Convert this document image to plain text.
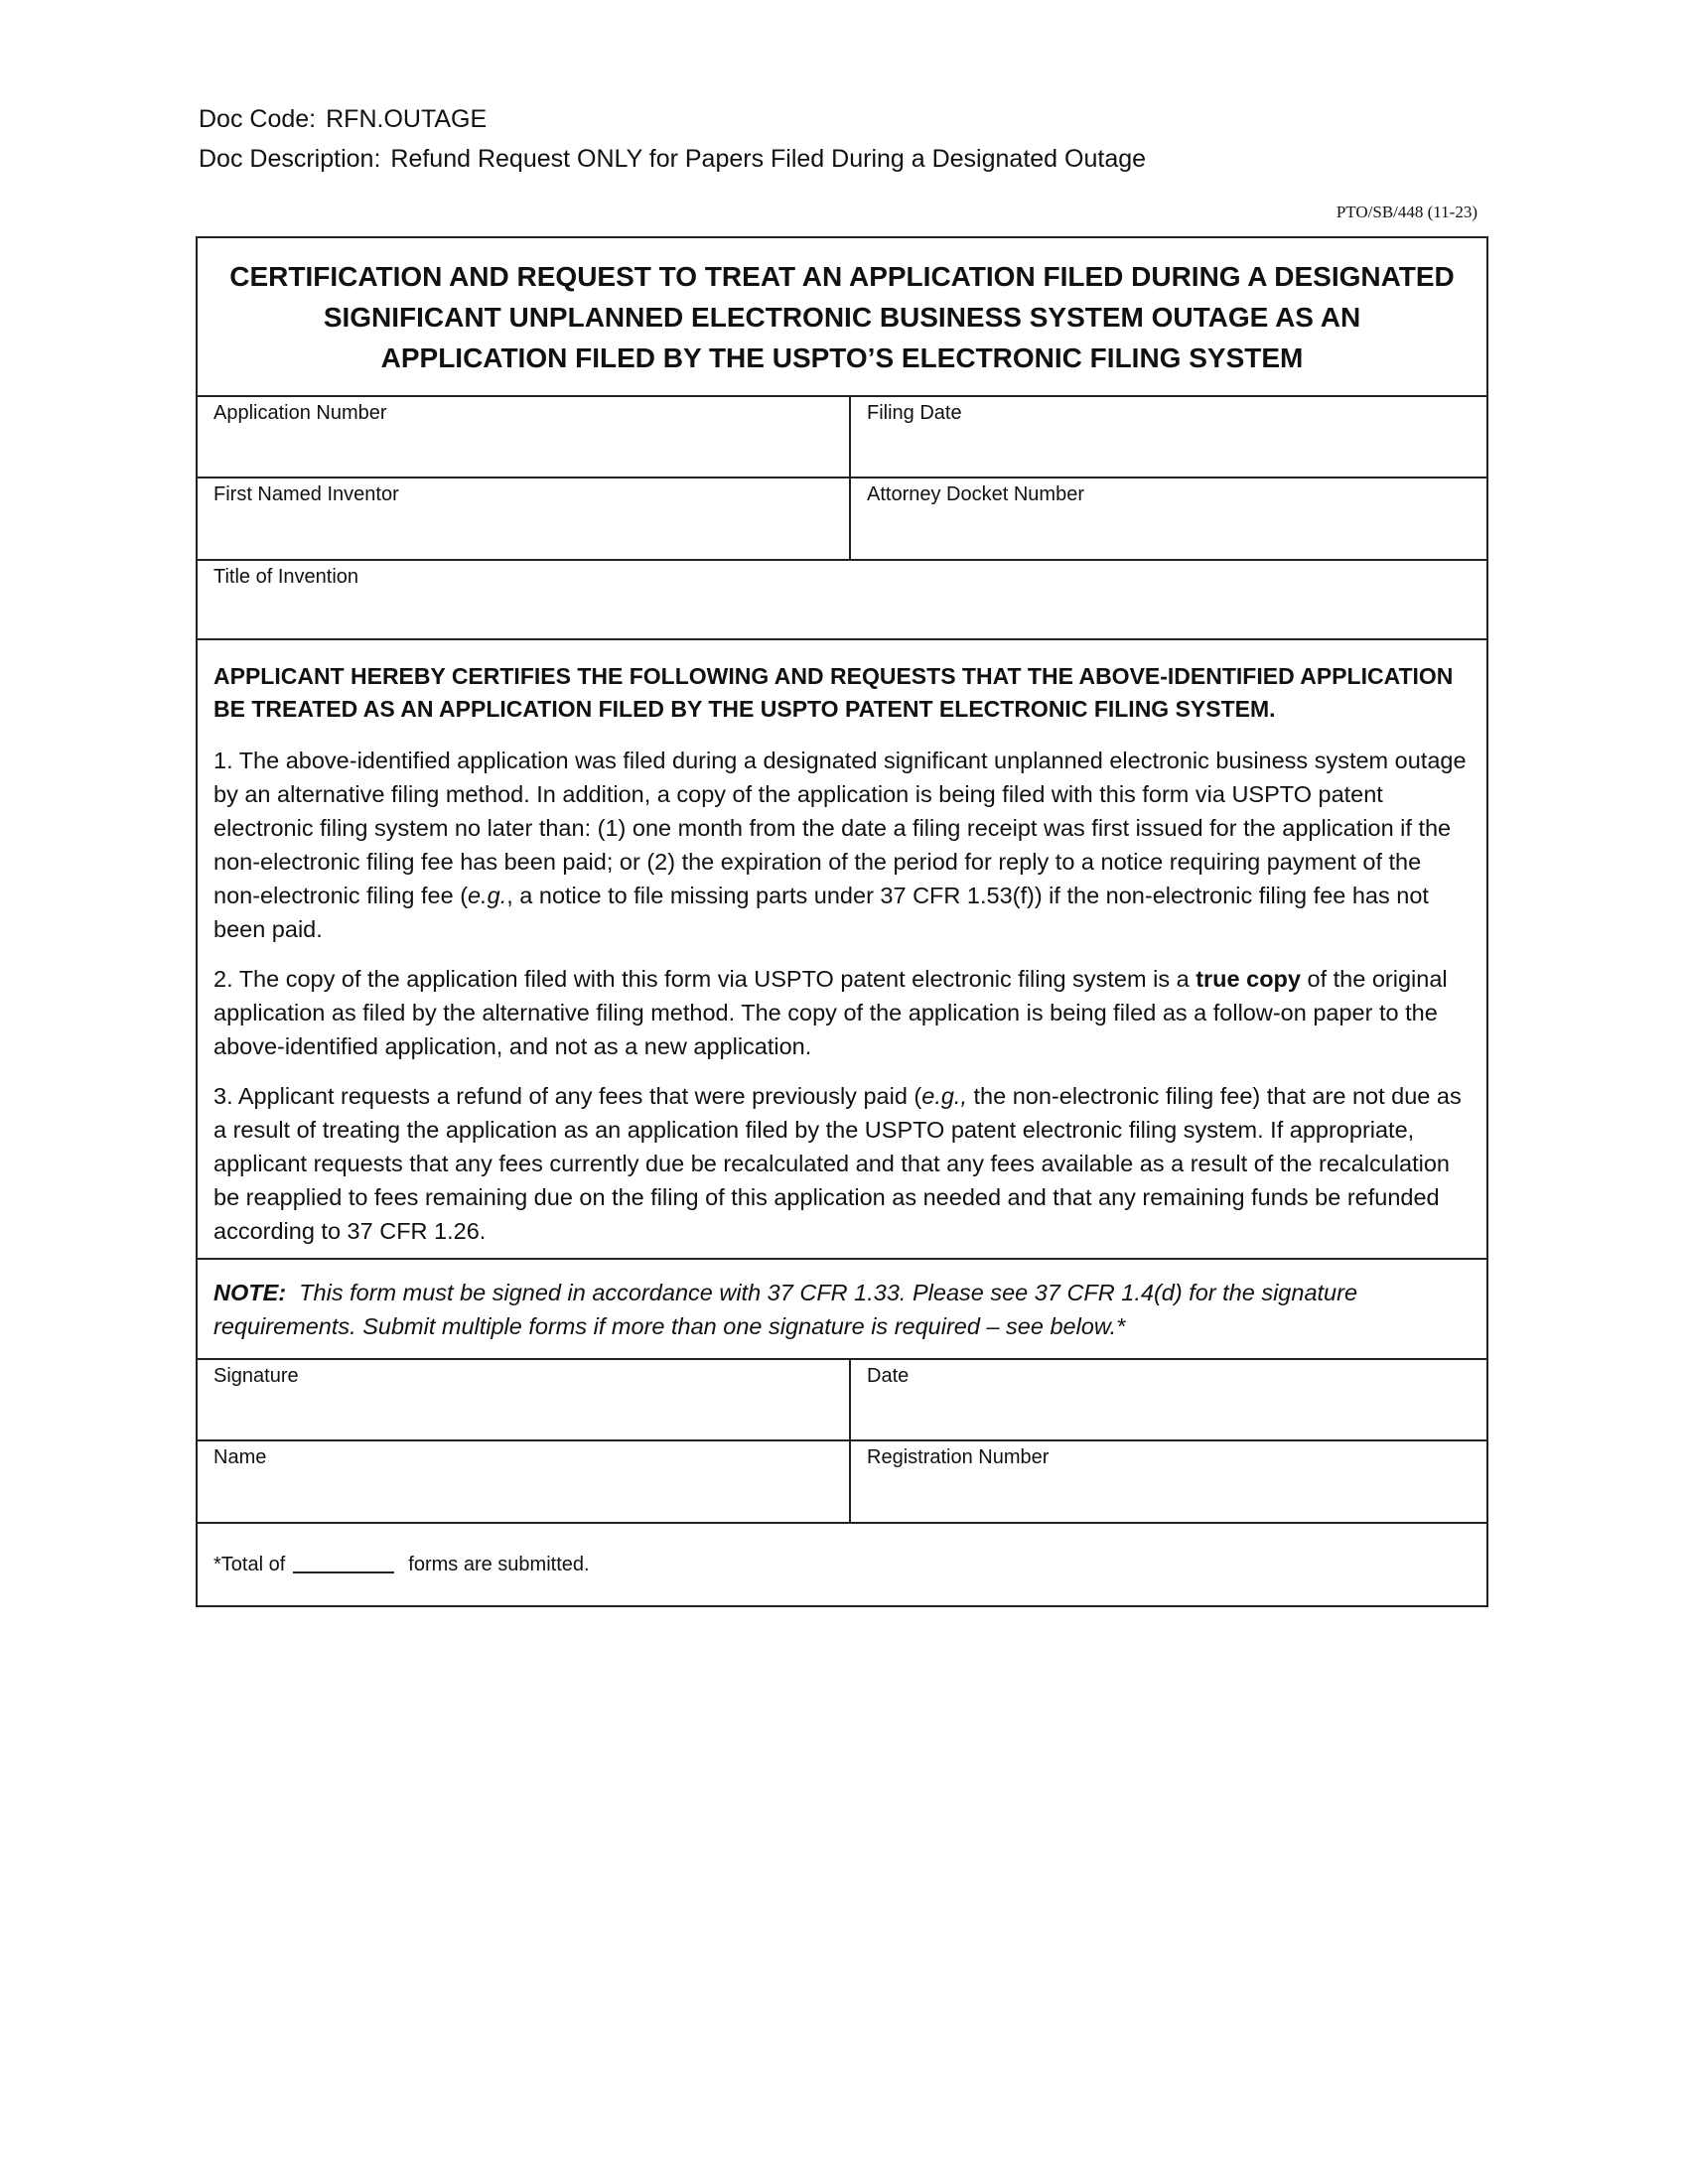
Doc Code: RFN.OUTAGE
Doc Description: Refund Request ONLY for Papers Filed During a Designated Outage
PTO/SB/448 (11-23)
CERTIFICATION AND REQUEST TO TREAT AN APPLICATION FILED DURING A DESIGNATED SIGNIFICANT UNPLANNED ELECTRONIC BUSINESS SYSTEM OUTAGE AS AN APPLICATION FILED BY THE USPTO’S ELECTRONIC FILING SYSTEM
Application Number	Filing Date
First Named Inventor	Attorney Docket Number
Title of Invention
APPLICANT HEREBY CERTIFIES THE FOLLOWING AND REQUESTS THAT THE ABOVE-IDENTIFIED APPLICATION BE TREATED AS AN APPLICATION FILED BY THE USPTO PATENT ELECTRONIC FILING SYSTEM.

1. The above-identified application was filed during a designated significant unplanned electronic business system outage by an alternative filing method. In addition, a copy of the application is being filed with this form via USPTO patent electronic filing system no later than: (1) one month from the date a filing receipt was first issued for the application if the non-electronic filing fee has been paid; or (2) the expiration of the period for reply to a notice requiring payment of the non-electronic filing fee (e.g., a notice to file missing parts under 37 CFR 1.53(f)) if the non-electronic filing fee has not been paid.

2. The copy of the application filed with this form via USPTO patent electronic filing system is a true copy of the original application as filed by the alternative filing method. The copy of the application is being filed as a follow-on paper to the above-identified application, and not as a new application.

3. Applicant requests a refund of any fees that were previously paid (e.g., the non-electronic filing fee) that are not due as a result of treating the application as an application filed by the USPTO patent electronic filing system. If appropriate, applicant requests that any fees currently due be recalculated and that any fees available as a result of the recalculation be reapplied to fees remaining due on the filing of this application as needed and that any remaining funds be refunded according to 37 CFR 1.26.

NOTE: This form must be signed in accordance with 37 CFR 1.33. Please see 37 CFR 1.4(d) for the signature requirements. Submit multiple forms if more than one signature is required – see below.*
Signature	Date
Name	Registration Number
*Total of	forms are submitted.
